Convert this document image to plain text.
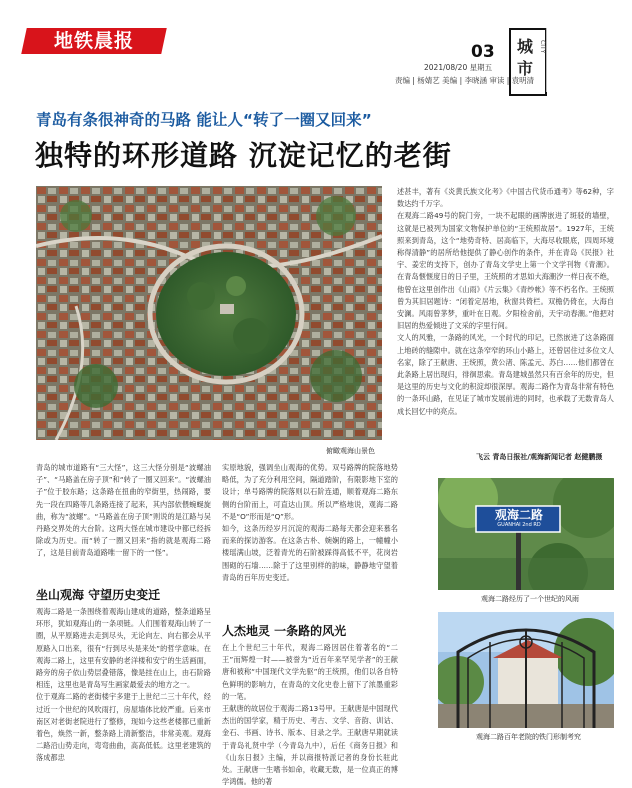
地铁晨报	03
2021/08/20 星期五
责编 | 杨婧艺 美编 | 李晓涵 审读 | 袁明清
城市
CITY
青岛有条很神奇的马路 能让人“转了一圈又回来”
独特的环形道路 沉淀记忆的老街
俯瞰观海山景色
青岛的城市道路有“三大怪”，这三大怪分别是“波螺油子”、“马路盖在房子顶”和“转了一圈又回来”。“波螺油子”位于胶东路；这条路在扭曲的窄街里，热闹路，要先一段在四路等几条路连接了起来，其内部依偎蜿蜒旋曲，称为“波螺”。“马路盖在房子顶”则说的是江路与吴丹路交界处的大台阶。这两大怪在城市建设中都已经拆除或为历史。而“转了一圈又回来”指的就是观海二路了，这是目前青岛道路唯一留下的一“怪”。
坐山观海 守望历史变迁
观海二路是一条围绕着观海山建成的道路，整条道路呈环形，犹如观海山的一条项链。人们围着观海山转了一圈，从平原路进去走到尽头，无论向左、向右都会从平原路入口出来，很有“行到尽头是来处”的哲学意味。在观海二路上，这里有安静的老洋楼和安宁的生活画面，路旁的房子依山势层叠错落，像是挂在山上，由石阶路相连，这里也是青岛写生画家最爱去的地方之一。
位于观海二路的老街楼宇多建于上世纪二三十年代，经过近一个世纪的风吹雨打，房屋墙体比较严重。后来市南区对老街老院进行了整修，现如今这些老楼都已重新着色，焕然一新，整条路上清新整洁，非常美观。观海二路沿山势走向，弯弯曲曲，高高低低。这里老建筑的落成都忠
实原地貌，强调坐山观海的优势。双号路牌的院落地势略低，为了充分利用空间，隔道踏阶，有限影地下室的设计；单号路牌的院落则以石阶连通，顺着观海二路东侧的台阶而上，可直达山顶。所以严格地说，观海二路不是“O”形而是“Q”形。
如今，这条历经岁月沉淀的观海二路每天都会迎来慕名而来的探访游客。在这条古朴、婉娴的路上，一幢幢小楼瑶满山坡，泛着青光的石阶被踩得高低不平，花岗岩围砌的石墙……除于了这里别样的韵味，静静地守望着青岛的百年历史变迁。
人杰地灵 一条路的风光
在上个世纪三十年代，观海二路因居住着著名的“二王”而辉煌一时——被誉为“近百年来罕见学者”的王献唐和被称“中国现代文学先驱”的王统照，他们以各自特色鲜明的影响力，在青岛的文化史卷上留下了浓墨重彩的一笔。
王献唐的故居位于观海二路13号甲。王献唐是中国现代杰出的国学家，精于历史、考古、文学、音韵、训诂、金石、书画、诗书、版本、目录之学。王献唐早期就读于青岛礼贤中学（今青岛九中），后任《商务日报》和《山东日报》主编，并以商报特派记者的身份长驻此处。王献唐一生嗜书如命，收藏无数，是一位真正的博学鸿儒。他的著
述甚丰，著有《炎黄氏族文化考》《中国古代货币通考》等62种，字数达约千万字。
在观海二路49号的院门旁，一块不起眼的画牌嵌进了斑驳的墙壁，这就是已被列为国家文物保护单位的“王统照故居”。1927年，王统照来到青岛，这个“地势奇特、居高临下，大海尽收眼底，四周环境称得清静”的居所给他提供了静心创作的条件，并在青岛《民报》社宇、姜宏的支持下，创办了青岛文学史上第一个文学刊物《青潮》。在青岛惬惬度日的日子里，王统照的才思如大海潮汐一样日夜不绝，他曾在这里创作出《山雨》《片云集》《青纱帐》等不朽名作。王统照曾为其旧居题诗：“闭着定居地，秋窗共倚栏。双檐仍倚在，大海自安澜。风雨曾茅梦，重叶在日观。夕阳检舍前，天宇动春潮。”他把对旧居的热爱倾进了文采的字里行间。
文人的风雅，一条路的风光，一个时代的印记，已然嵌进了这条路面上地砖的缝隙中。就在这条窄窄的环山小路上，还曾居住过多位文人名家，除了王献唐、王统照，黄公渚、陈孟元、苏白……他们都曾在此条路上居出现归，徘徊思索。青岛建城虽然只有百余年的历史，但是这里的历史与文化的积淀却很深厚。观海二路作为青岛非常有特色的一条环山路，在见证了城市发展前进的同时，也承载了无数青岛人成长回忆中的亮点。
飞云 青岛日报社/观海新闻记者 赵健鹏摄
观海二路
GUANHAI 2nd RD
观海二路经历了一个世纪的风雨
观海二路百年老院的铁门形制考究
